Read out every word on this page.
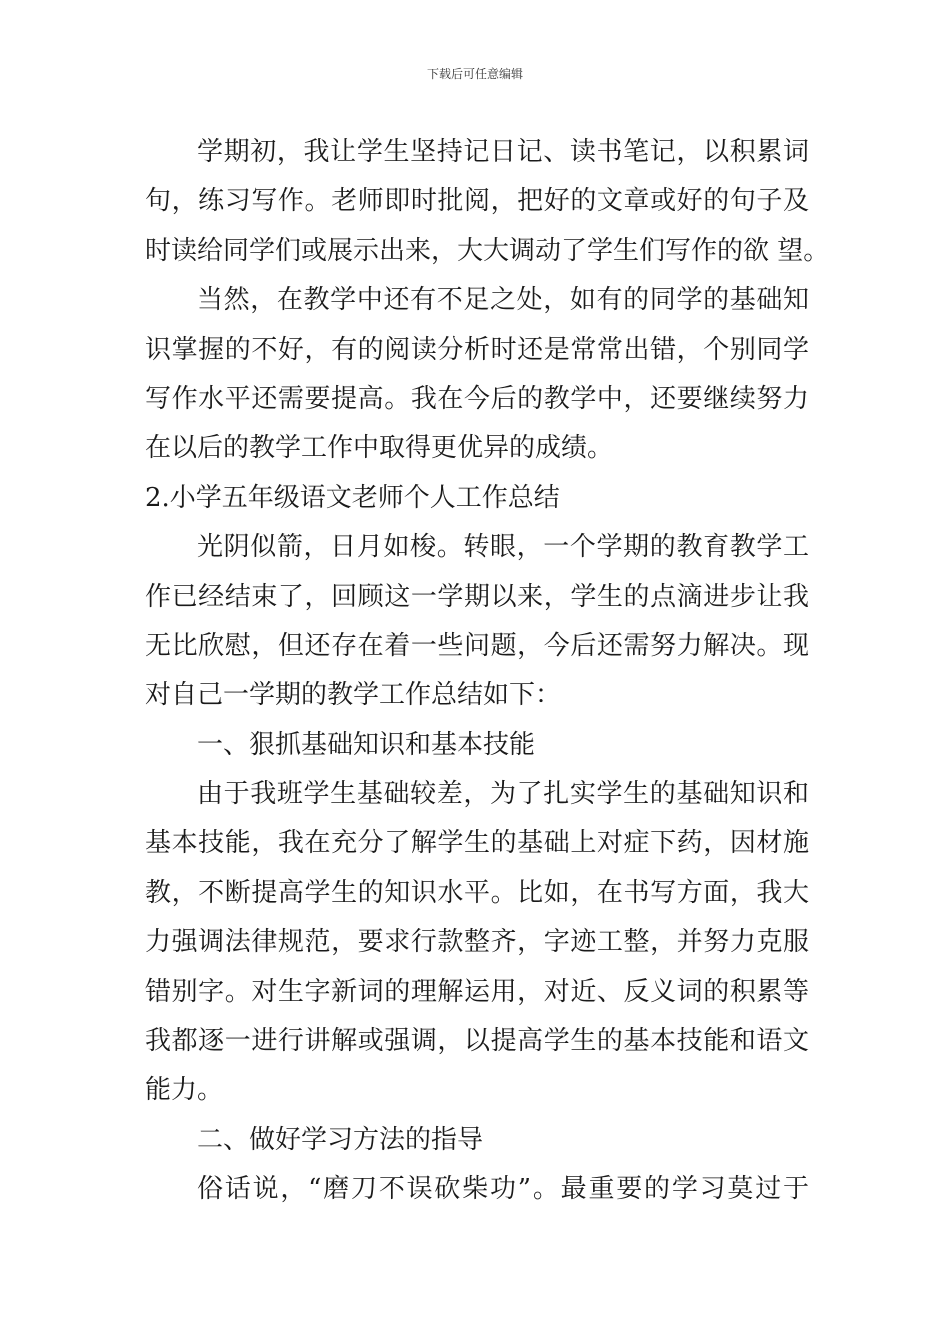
下载后可任意编辑
学期初，我让学生坚持记日记、读书笔记，以积累词
句，练习写作。老师即时批阅，把好的文章或好的句子及
时读给同学们或展示出来，大大调动了学生们写作的欲 望。
当然，在教学中还有不足之处，如有的同学的基础知
识掌握的不好，有的阅读分析时还是常常出错，个别同学
写作水平还需要提高。我在今后的教学中，还要继续努力
在以后的教学工作中取得更优异的成绩。
2.小学五年级语文老师个人工作总结
光阴似箭，日月如梭。转眼，一个学期的教育教学工
作已经结束了，回顾这一学期以来，学生的点滴进步让我
无比欣慰，但还存在着一些问题，今后还需努力解决。现
对自己一学期的教学工作总结如下：
一、狠抓基础知识和基本技能
由于我班学生基础较差，为了扎实学生的基础知识和
基本技能，我在充分了解学生的基础上对症下药，因材施
教，不断提高学生的知识水平。比如，在书写方面，我大
力强调法律规范，要求行款整齐，字迹工整，并努力克服
错别字。对生字新词的理解运用，对近、反义词的积累等
我都逐一进行讲解或强调，以提高学生的基本技能和语文
能力。
二、做好学习方法的指导
俗话说，“磨刀不误砍柴功”。最重要的学习莫过于
